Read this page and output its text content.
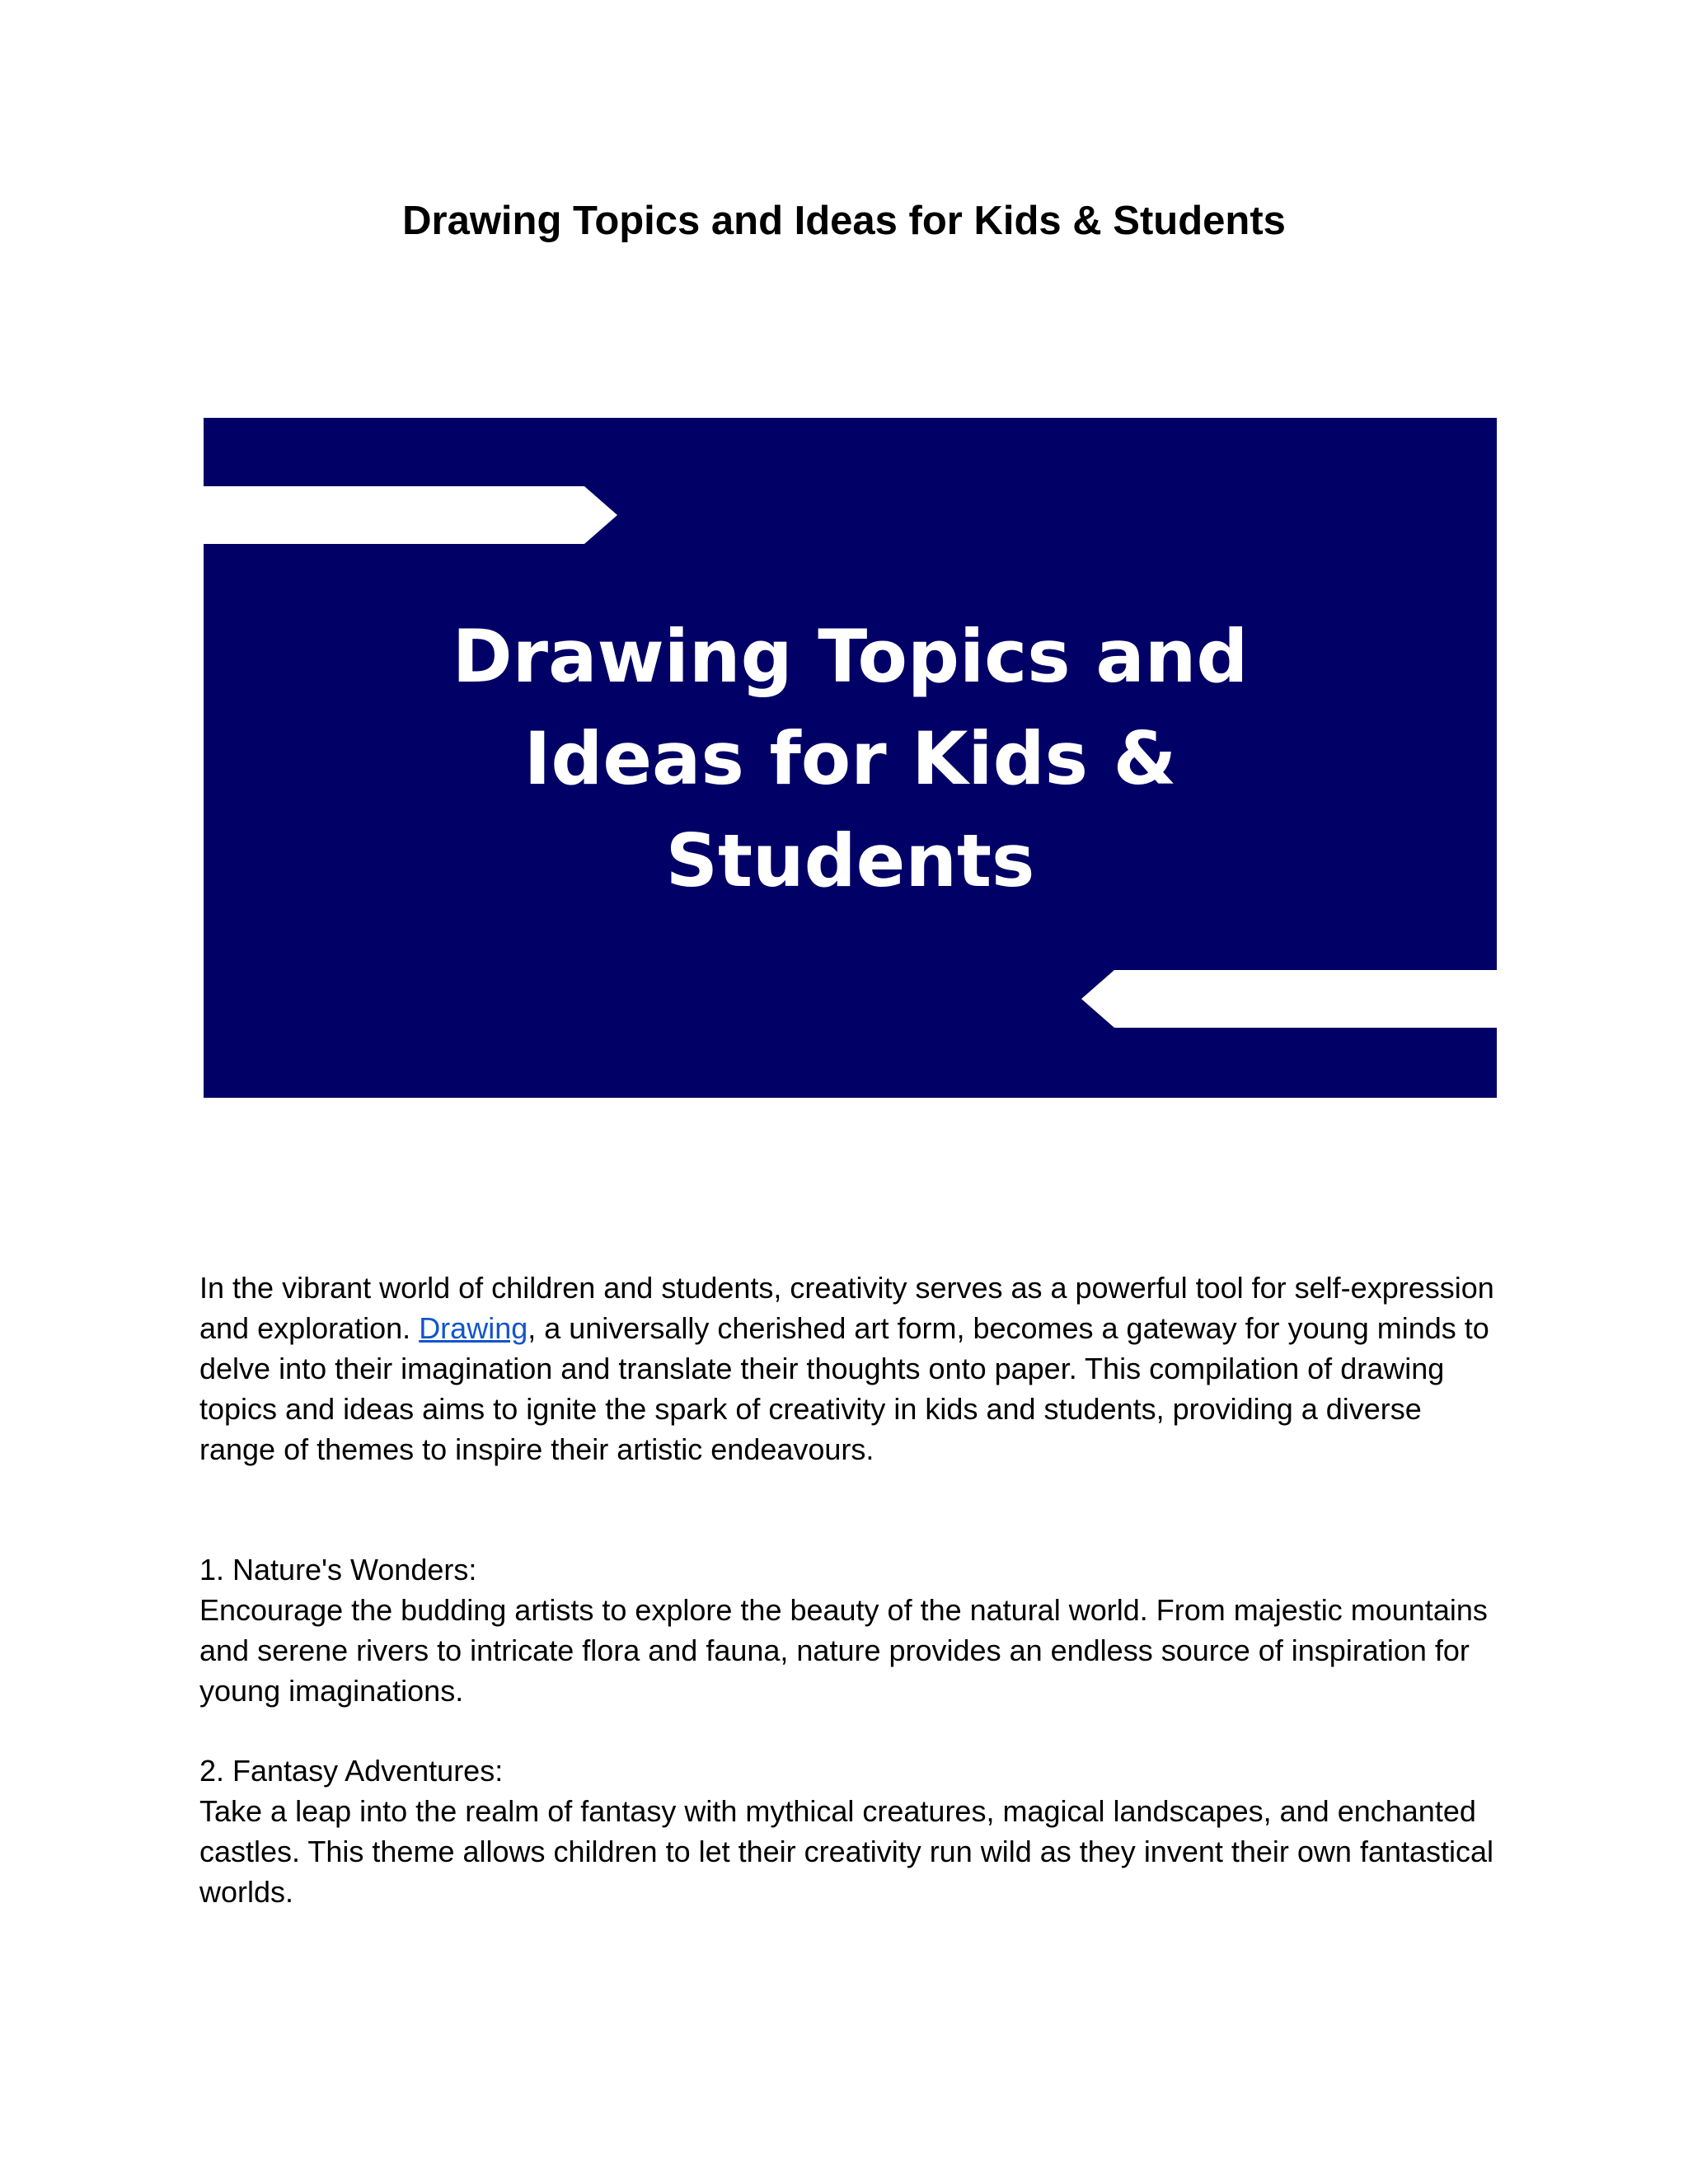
Drawing Topics and Ideas for Kids & Students
Drawing Topics and
Ideas for Kids &
Students

In the vibrant world of children and students, creativity serves as a powerful tool for self-expression and exploration. Drawing, a universally cherished art form, becomes a gateway for young minds to delve into their imagination and translate their thoughts onto paper. This compilation of drawing topics and ideas aims to ignite the spark of creativity in kids and students, providing a diverse range of themes to inspire their artistic endeavours.

1. Nature's Wonders:

Encourage the budding artists to explore the beauty of the natural world. From majestic mountains and serene rivers to intricate flora and fauna, nature provides an endless source of inspiration for young imaginations.

2. Fantasy Adventures:

Take a leap into the realm of fantasy with mythical creatures, magical landscapes, and enchanted castles. This theme allows children to let their creativity run wild as they invent their own fantastical worlds.
